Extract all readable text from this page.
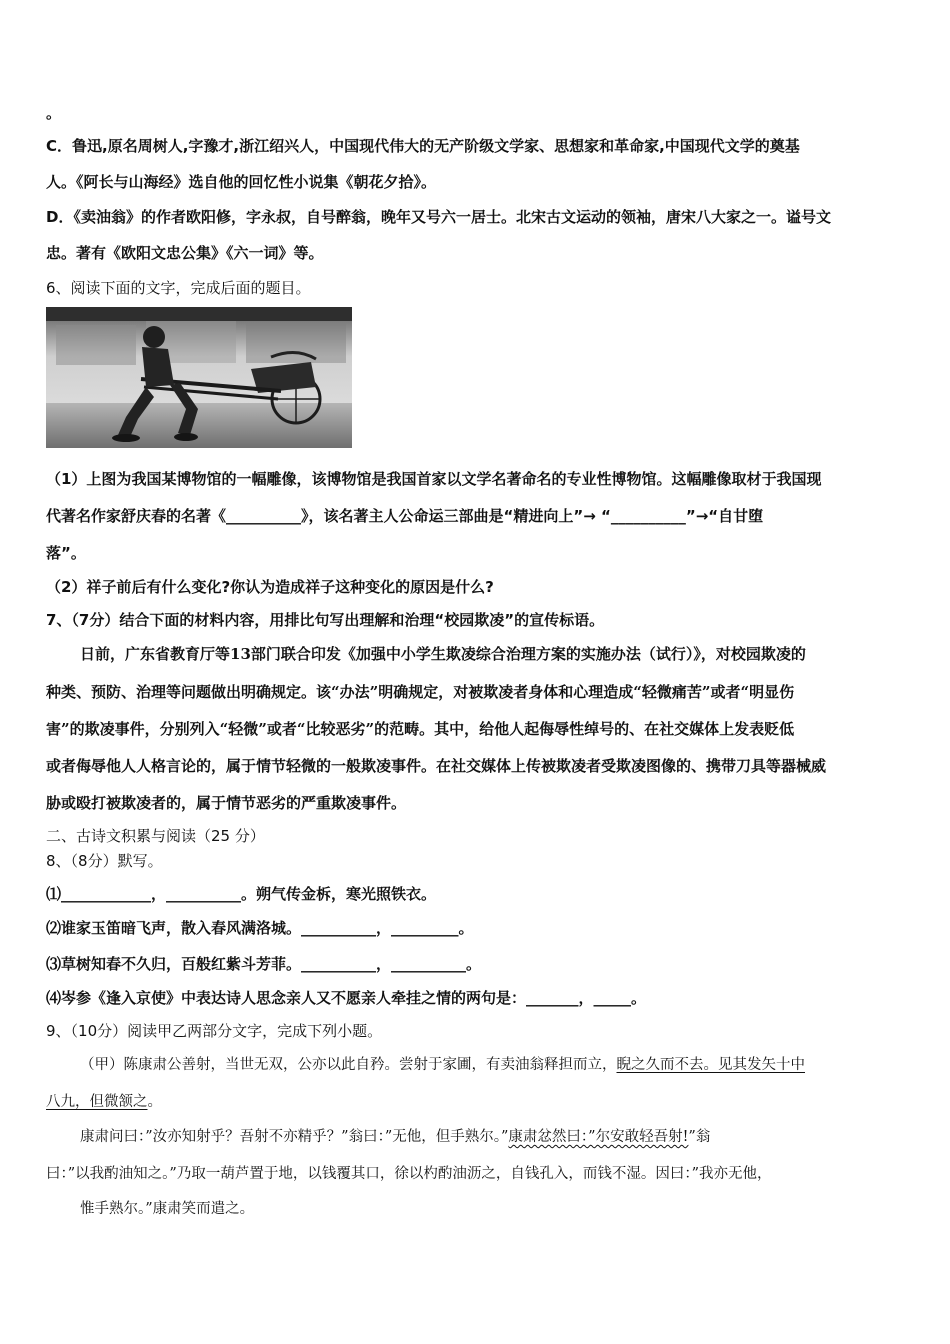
。
C．鲁迅,原名周树人,字豫才,浙江绍兴人，中国现代伟大的无产阶级文学家、思想家和革命家,中国现代文学的奠基
人。《阿长与山海经》选自他的回忆性小说集《朝花夕拾》。
D．《卖油翁》的作者欧阳修，字永叔，自号醉翁，晚年又号六一居士。北宋古文运动的领袖，唐宋八大家之一。谥号文
忠。著有《欧阳文忠公集》《六一词》等。
6、阅读下面的文字，完成后面的题目。
（1）上图为我国某博物馆的一幅雕像，该博物馆是我国首家以文学名著命名的专业性博物馆。这幅雕像取材于我国现
代著名作家舒庆春的名著《__________》，该名著主人公命运三部曲是“精进向上”→ “__________”→“自甘堕
落”。
（2）祥子前后有什么变化?你认为造成祥子这种变化的原因是什么?
7、（7分）结合下面的材料内容，用排比句写出理解和治理“校园欺凌”的宣传标语。
日前，广东省教育厅等13部门联合印发《加强中小学生欺凌综合治理方案的实施办法（试行）》，对校园欺凌的
种类、预防、治理等问题做出明确规定。该“办法”明确规定，对被欺凌者身体和心理造成“轻微痛苦”或者“明显伤
害”的欺凌事件，分别列入“轻微”或者“比较恶劣”的范畴。其中，给他人起侮辱性绰号的、在社交媒体上发表贬低
或者侮辱他人人格言论的，属于情节轻微的一般欺凌事件。在社交媒体上传被欺凌者受欺凌图像的、携带刀具等器械威
胁或殴打被欺凌者的，属于情节恶劣的严重欺凌事件。
二、古诗文积累与阅读（25 分）
8、（8分）默写。
⑴____________，__________。朔气传金柝，寒光照铁衣。
⑵谁家玉笛暗飞声，散入春风满洛城。__________，_________。
⑶草树知春不久归，百般红紫斗芳菲。__________，__________。
⑷岑参《逢入京使》中表达诗人思念亲人又不愿亲人牵挂之情的两句是：_______，_____。
9、（10分）阅读甲乙两部分文字，完成下列小题。
（甲）陈康肃公善射，当世无双，公亦以此自矜。尝射于家圃，有卖油翁释担而立，睨之久而不去。见其发矢十中
八九，但微颔之。
康肃问曰：”汝亦知射乎？吾射不亦精乎？”翁曰：”无他，但手熟尔。”康肃忿然曰：”尔安敢轻吾射!”翁
曰：”以我酌油知之。”乃取一葫芦置于地，以钱覆其口，徐以杓酌油沥之，自钱孔入，而钱不湿。因曰：”我亦无他，
惟手熟尔。”康肃笑而遣之。
